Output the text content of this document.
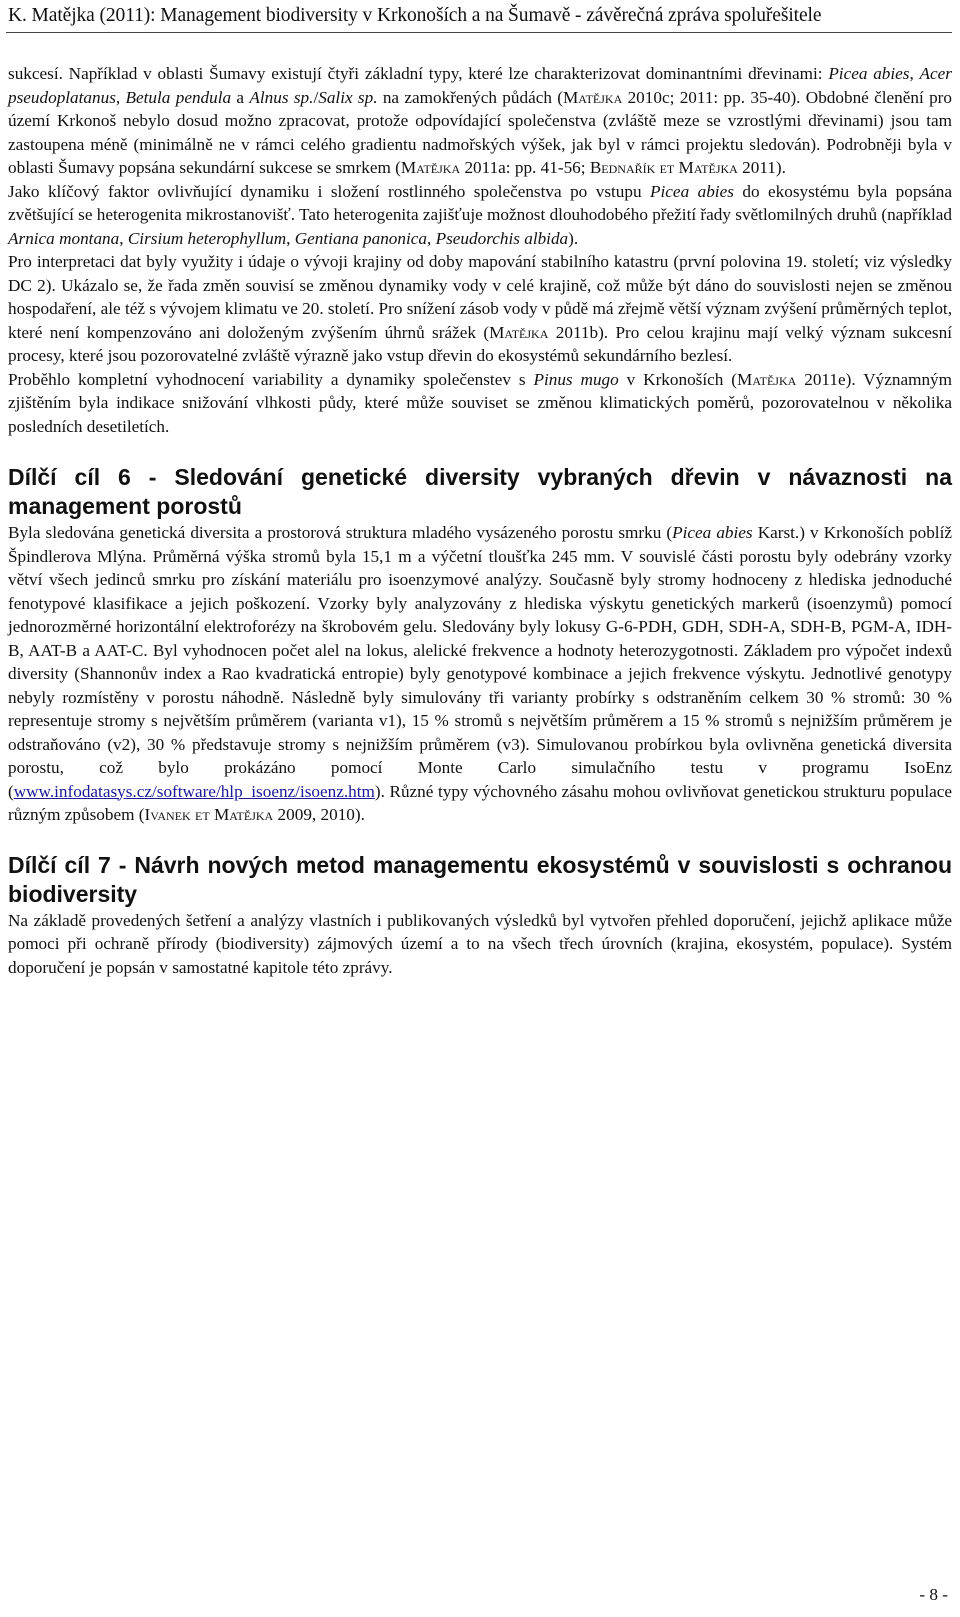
K. Matějka (2011): Management biodiversity v Krkonoších a na Šumavě - závěrečná zpráva spoluřešitele

sukcesí. Například v oblasti Šumavy existují čtyři základní typy, které lze charakterizovat dominantními dřevinami: Picea abies, Acer pseudoplatanus, Betula pendula a Alnus sp./Salix sp. na zamokřených půdách (Matějka 2010c; 2011: pp. 35-40). Obdobné členění pro území Krkonoš nebylo dosud možno zpracovat, protože odpovídající společenstva (zvláště meze se vzrostlými dřevinami) jsou tam zastoupena méně (minimálně ne v rámci celého gradientu nadmořských výšek, jak byl v rámci projektu sledován). Podrobněji byla v oblasti Šumavy popsána sekundární sukcese se smrkem (Matějka 2011a: pp. 41-56; Bednařík et Matějka 2011).

Jako klíčový faktor ovlivňující dynamiku i složení rostlinného společenstva po vstupu Picea abies do ekosystému byla popsána zvětšující se heterogenita mikrostanovišť. Tato heterogenita zajišťuje možnost dlouhodobého přežití řady světlomilných druhů (například Arnica montana, Cirsium heterophyllum, Gentiana panonica, Pseudorchis albida).

Pro interpretaci dat byly využity i údaje o vývoji krajiny od doby mapování stabilního katastru (první polovina 19. století; viz výsledky DC 2). Ukázalo se, že řada změn souvisí se změnou dynamiky vody v celé krajině, což může být dáno do souvislosti nejen se změnou hospodaření, ale též s vývojem klimatu ve 20. století. Pro snížení zásob vody v půdě má zřejmě větší význam zvýšení průměrných teplot, které není kompenzováno ani doloženým zvýšením úhrnů srážek (Matějka 2011b). Pro celou krajinu mají velký význam sukcesní procesy, které jsou pozorovatelné zvláště výrazně jako vstup dřevin do ekosystémů sekundárního bezlesí.

Proběhlo kompletní vyhodnocení variability a dynamiky společenstev s Pinus mugo v Krkonoších (Matějka 2011e). Významným zjištěním byla indikace snižování vlhkosti půdy, které může souviset se změnou klimatických poměrů, pozorovatelnou v několika posledních desetiletích.

Dílčí cíl 6 - Sledování genetické diversity vybraných dřevin v návaznosti na management porostů

Byla sledována genetická diversita a prostorová struktura mladého vysázeného porostu smrku (Picea abies Karst.) v Krkonoších poblíž Špindlerova Mlýna. Průměrná výška stromů byla 15,1 m a výčetní tloušťka 245 mm. V souvislé části porostu byly odebrány vzorky větví všech jedinců smrku pro získání materiálu pro isoenzymové analýzy. Současně byly stromy hodnoceny z hlediska jednoduché fenotypové klasifikace a jejich poškození. Vzorky byly analyzovány z hlediska výskytu genetických markerů (isoenzymů) pomocí jednorozměrné horizontální elektroforézy na škrobovém gelu. Sledovány byly lokusy G-6-PDH, GDH, SDH-A, SDH-B, PGM-A, IDH-B, AAT-B a AAT-C. Byl vyhodnocen počet alel na lokus, alelické frekvence a hodnoty heterozygotnosti. Základem pro výpočet indexů diversity (Shannonův index a Rao kvadratická entropie) byly genotypové kombinace a jejich frekvence výskytu. Jednotlivé genotypy nebyly rozmístěny v porostu náhodně. Následně byly simulovány tři varianty probírky s odstraněním celkem 30 % stromů: 30 % representuje stromy s největším průměrem (varianta v1), 15 % stromů s největším průměrem a 15 % stromů s nejnižším průměrem je odstraňováno (v2), 30 % představuje stromy s nejnižším průměrem (v3). Simulovanou probírkou byla ovlivněna genetická diversita porostu, což bylo prokázáno pomocí Monte Carlo simulačního testu v programu IsoEnz (www.infodatasys.cz/software/hlp_isoenz/isoenz.htm). Různé typy výchovného zásahu mohou ovlivňovat genetickou strukturu populace různým způsobem (Ivanek et Matějka 2009, 2010).

Dílčí cíl 7 - Návrh nových metod managementu ekosystémů v souvislosti s ochranou biodiversity

Na základě provedených šetření a analýzy vlastních i publikovaných výsledků byl vytvořen přehled doporučení, jejichž aplikace může pomoci při ochraně přírody (biodiversity) zájmových území a to na všech třech úrovních (krajina, ekosystém, populace). Systém doporučení je popsán v samostatné kapitole této zprávy.

- 8 -
